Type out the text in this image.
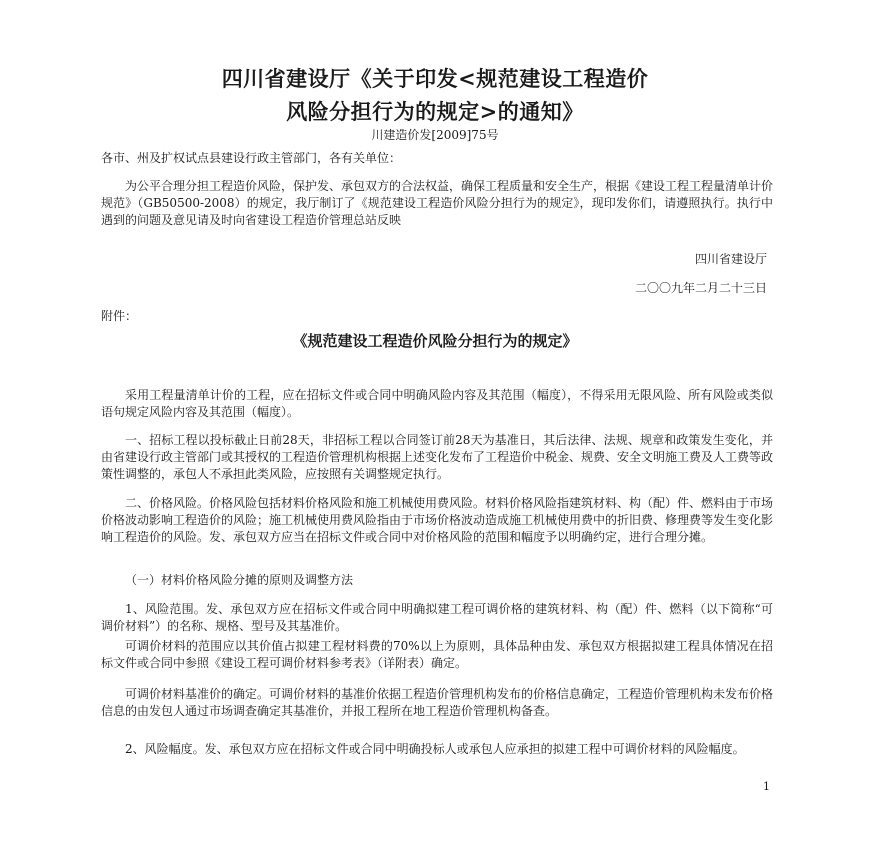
四川省建设厅《关于印发<规范建设工程造价
风险分担行为的规定>的通知》
川建造价发[2009]75号
各市、州及扩权试点县建设行政主管部门，各有关单位：
为公平合理分担工程造价风险，保护发、承包双方的合法权益，确保工程质量和安全生产，根据《建设工程工程量清单计价规范》（GB50500-2008）的规定，我厅制订了《规范建设工程造价风险分担行为的规定》，现印发你们，请遵照执行。执行中遇到的问题及意见请及时向省建设工程造价管理总站反映
四川省建设厅
二〇〇九年二月二十三日
附件：
《规范建设工程造价风险分担行为的规定》
采用工程量清单计价的工程，应在招标文件或合同中明确风险内容及其范围（幅度），不得采用无限风险、所有风险或类似语句规定风险内容及其范围（幅度）。
一、招标工程以投标截止日前28天，非招标工程以合同签订前28天为基准日，其后法律、法规、规章和政策发生变化，并由省建设行政主管部门或其授权的工程造价管理机构根据上述变化发布了工程造价中税金、规费、安全文明施工费及人工费等政策性调整的，承包人不承担此类风险，应按照有关调整规定执行。
二、价格风险。价格风险包括材料价格风险和施工机械使用费风险。材料价格风险指建筑材料、构（配）件、燃料由于市场价格波动影响工程造价的风险；施工机械使用费风险指由于市场价格波动造成施工机械使用费中的折旧费、修理费等发生变化影响工程造价的风险。发、承包双方应当在招标文件或合同中对价格风险的范围和幅度予以明确约定，进行合理分摊。
（一）材料价格风险分摊的原则及调整方法
1、风险范围。发、承包双方应在招标文件或合同中明确拟建工程可调价格的建筑材料、构（配）件、燃料（以下简称“可调价材料”）的名称、规格、型号及其基准价。
可调价材料的范围应以其价值占拟建工程材料费的70%以上为原则，具体品种由发、承包双方根据拟建工程具体情况在招标文件或合同中参照《建设工程可调价材料参考表》（详附表）确定。
可调价材料基准价的确定。可调价材料的基准价依据工程造价管理机构发布的价格信息确定，工程造价管理机构未发布价格信息的由发包人通过市场调查确定其基准价，并报工程所在地工程造价管理机构备查。
2、风险幅度。发、承包双方应在招标文件或合同中明确投标人或承包人应承担的拟建工程中可调价材料的风险幅度。
1
